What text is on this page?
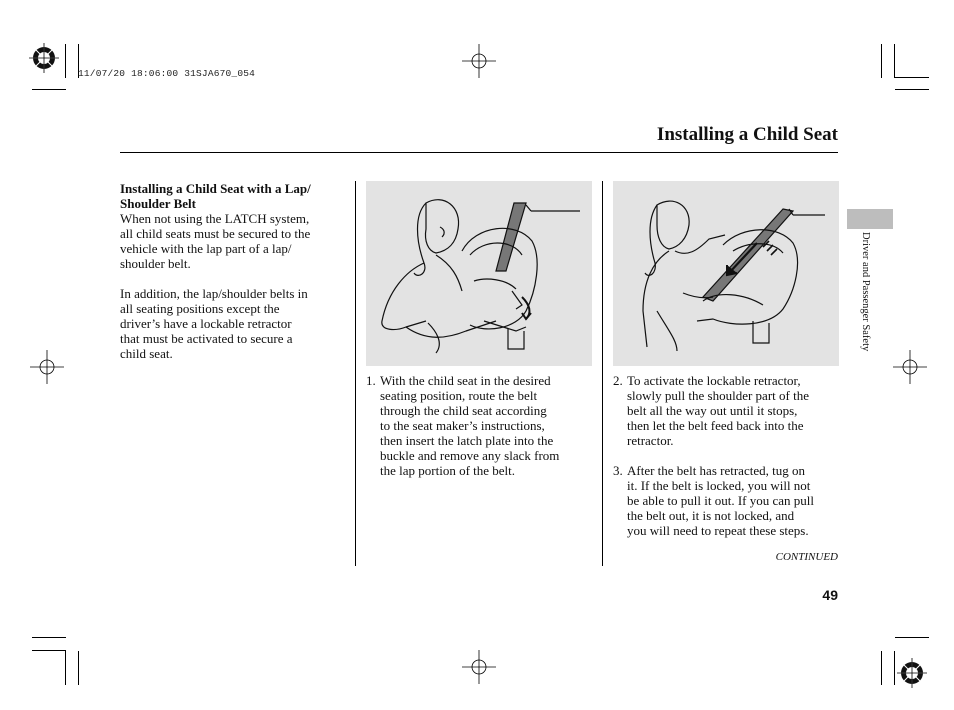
11/07/20 18:06:00 31SJA670_054
Installing a Child Seat

Installing a Child Seat with a Lap/
Shoulder Belt

When not using the LATCH system,
all child seats must be secured to the
vehicle with the lap part of a lap/
shoulder belt.

In addition, the lap/shoulder belts in
all seating positions except the
driver’s have a lockable retractor
that must be activated to secure a
child seat.

1. With the child seat in the desired
seating position, route the belt
through the child seat according
to the seat maker’s instructions,
then insert the latch plate into the
buckle and remove any slack from
the lap portion of the belt.
2. To activate the lockable retractor,
slowly pull the shoulder part of the
belt all the way out until it stops,
then let the belt feed back into the
retractor.
3. After the belt has retracted, tug on
it. If the belt is locked, you will not
be able to pull it out. If you can pull
the belt out, it is not locked, and
you will need to repeat these steps.
Driver and Passenger Safety
CONTINUED
49
